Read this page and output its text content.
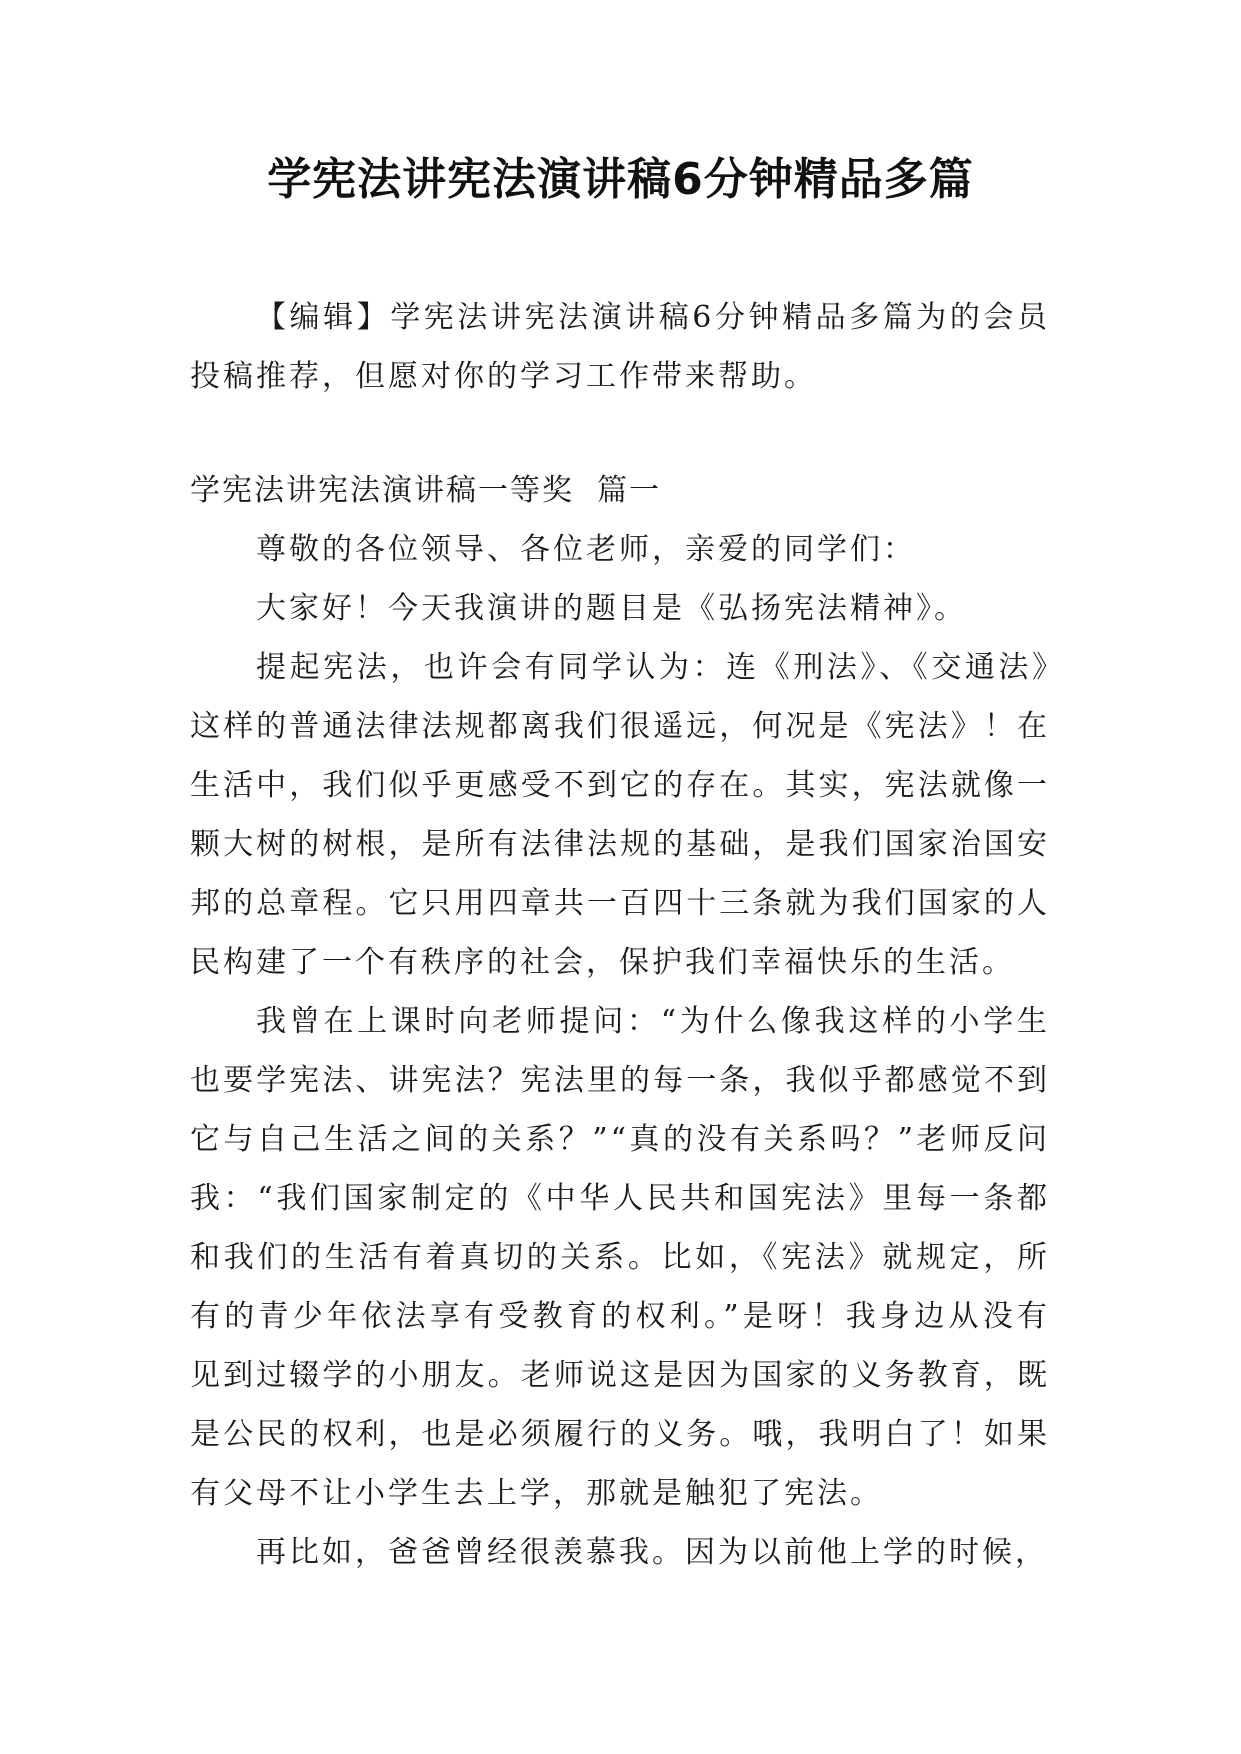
学宪法讲宪法演讲稿6分钟精品多篇

【编辑】学宪法讲宪法演讲稿6分钟精品多篇为的会员投稿推荐，但愿对你的学习工作带来帮助。

学宪法讲宪法演讲稿一等奖  篇一

尊敬的各位领导、各位老师，亲爱的同学们：

大家好！今天我演讲的题目是《弘扬宪法精神》。

提起宪法，也许会有同学认为：连《刑法》、《交通法》这样的普通法律法规都离我们很遥远，何况是《宪法》！在生活中，我们似乎更感受不到它的存在。其实，宪法就像一颗大树的树根，是所有法律法规的基础，是我们国家治国安邦的总章程。它只用四章共一百四十三条就为我们国家的人民构建了一个有秩序的社会，保护我们幸福快乐的生活。

我曾在上课时向老师提问：“为什么像我这样的小学生也要学宪法、讲宪法？宪法里的每一条，我似乎都感觉不到它与自己生活之间的关系？”“真的没有关系吗？”老师反问我：“我们国家制定的《中华人民共和国宪法》里每一条都和我们的生活有着真切的关系。比如，《宪法》就规定，所有的青少年依法享有受教育的权利。”是呀！我身边从没有见到过辍学的小朋友。老师说这是因为国家的义务教育，既是公民的权利，也是必须履行的义务。哦，我明白了！如果有父母不让小学生去上学，那就是触犯了宪法。

再比如，爸爸曾经很羡慕我。因为以前他上学的时候，
